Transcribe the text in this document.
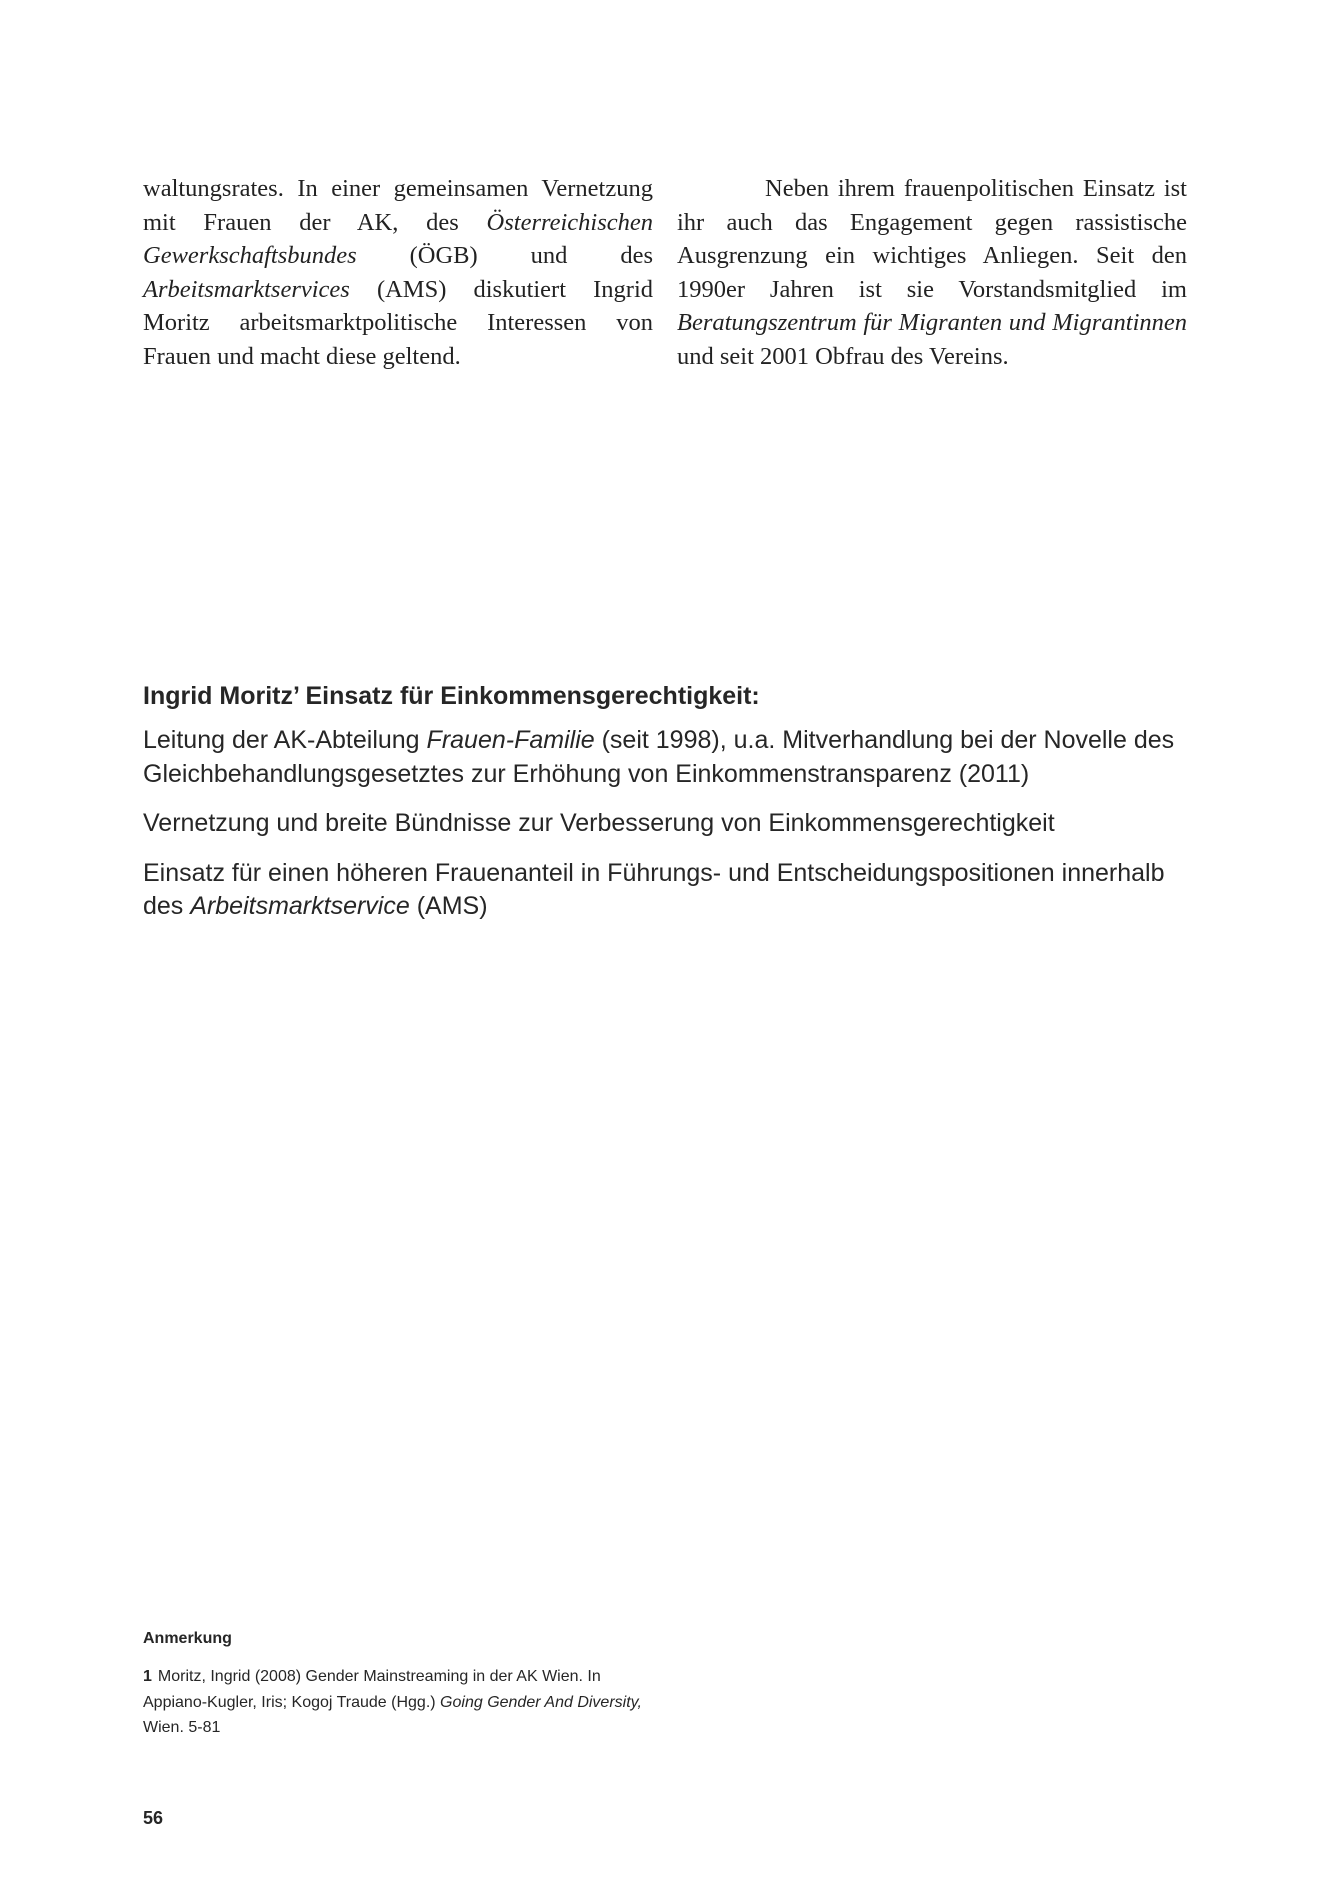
waltungsrates. In einer gemeinsamen Vernetzung mit Frauen der AK, des Österreichischen Gewerkschaftsbundes (ÖGB) und des Arbeitsmarktservices (AMS) diskutiert Ingrid Moritz arbeitsmarktpolitische Interessen von Frauen und macht diese geltend.

Neben ihrem frauenpolitischen Einsatz ist ihr auch das Engagement gegen rassistische Ausgrenzung ein wichtiges Anliegen. Seit den 1990er Jahren ist sie Vorstandsmitglied im Beratungszentrum für Migranten und Migrantinnen und seit 2001 Obfrau des Vereins.

Ingrid Moritz’ Einsatz für Einkommensgerechtigkeit:

Leitung der AK-Abteilung Frauen-Familie (seit 1998), u.a. Mitverhandlung bei der Novelle des Gleichbehandlungsgesetztes zur Erhöhung von Einkommenstransparenz (2011)

Vernetzung und breite Bündnisse zur Verbesserung von Einkommensgerechtigkeit

Einsatz für einen höheren Frauenanteil in Führungs- und Entscheidungspositionen innerhalb des Arbeitsmarktservice (AMS)

Anmerkung

1 Moritz, Ingrid (2008) Gender Mainstreaming in der AK Wien. In Appiano-Kugler, Iris; Kogoj Traude (Hgg.) Going Gender And Diversity, Wien. 5-81

56
